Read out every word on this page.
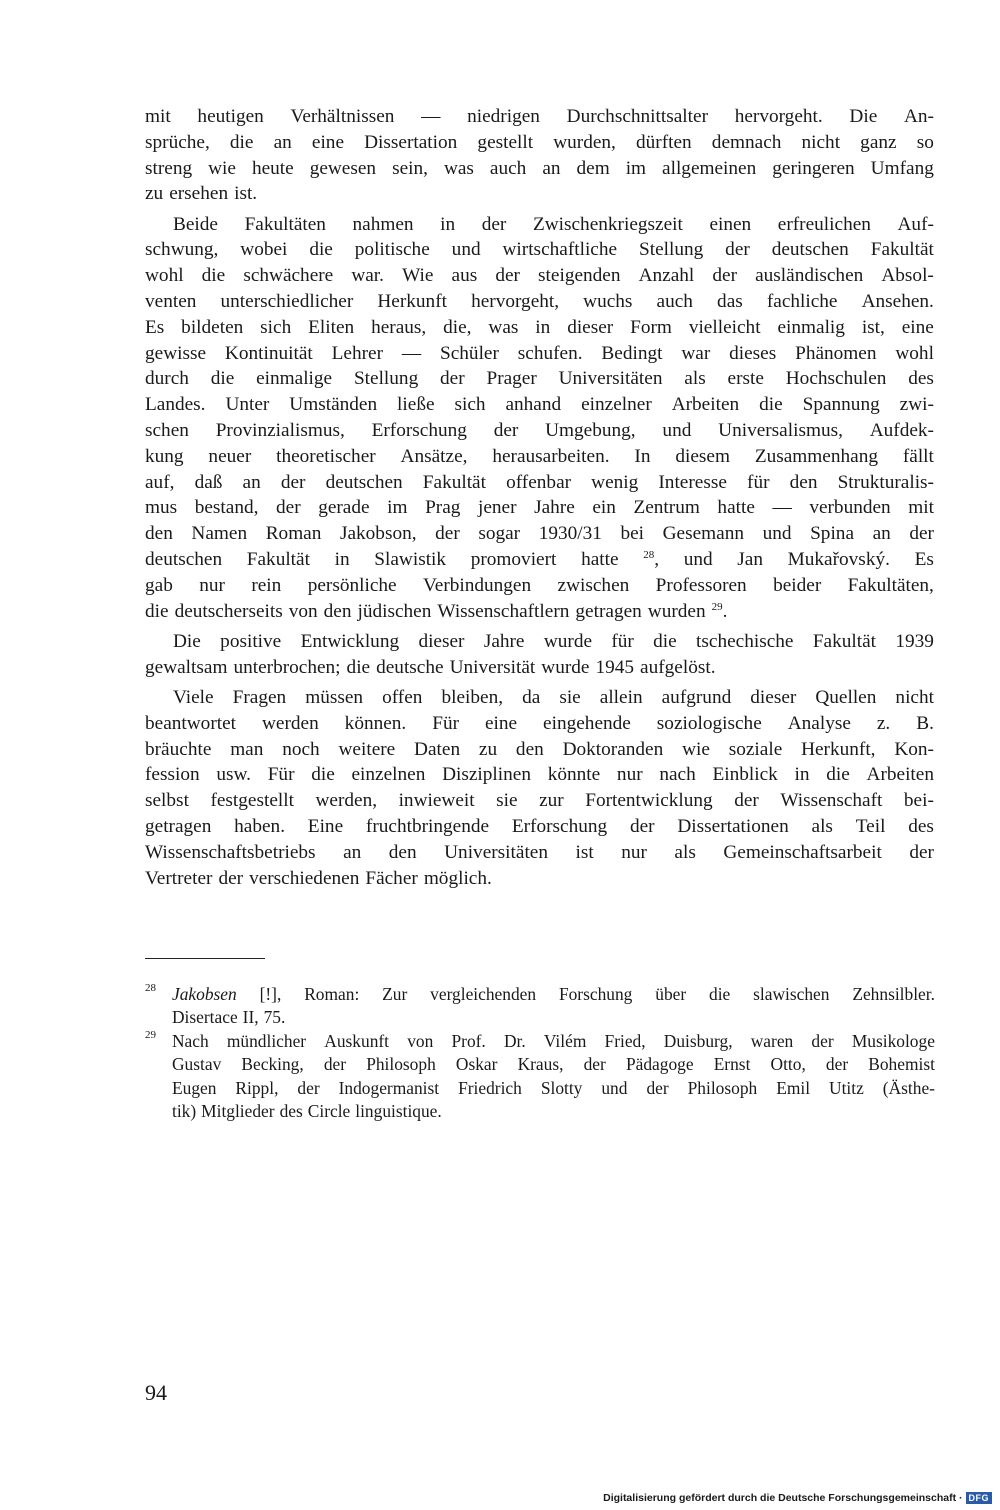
mit heutigen Verhältnissen — niedrigen Durchschnittsalter hervorgeht. Die An-
sprüche, die an eine Dissertation gestellt wurden, dürften demnach nicht ganz so
streng wie heute gewesen sein, was auch an dem im allgemeinen geringeren Umfang
zu ersehen ist.
Beide Fakultäten nahmen in der Zwischenkriegszeit einen erfreulichen Auf-
schwung, wobei die politische und wirtschaftliche Stellung der deutschen Fakultät
wohl die schwächere war. Wie aus der steigenden Anzahl der ausländischen Absol-
venten unterschiedlicher Herkunft hervorgeht, wuchs auch das fachliche Ansehen.
Es bildeten sich Eliten heraus, die, was in dieser Form vielleicht einmalig ist, eine
gewisse Kontinuität Lehrer — Schüler schufen. Bedingt war dieses Phänomen wohl
durch die einmalige Stellung der Prager Universitäten als erste Hochschulen des
Landes. Unter Umständen ließe sich anhand einzelner Arbeiten die Spannung zwi-
schen Provinzialismus, Erforschung der Umgebung, und Universalismus, Aufdek-
kung neuer theoretischer Ansätze, herausarbeiten. In diesem Zusammenhang fällt
auf, daß an der deutschen Fakultät offenbar wenig Interesse für den Strukturalis-
mus bestand, der gerade im Prag jener Jahre ein Zentrum hatte — verbunden mit
den Namen Roman Jakobson, der sogar 1930/31 bei Gesemann und Spina an der
deutschen Fakultät in Slawistik promoviert hatte $^{28}$, und Jan Mukařovský. Es
gab nur rein persönliche Verbindungen zwischen Professoren beider Fakultäten,
die deutscherseits von den jüdischen Wissenschaftlern getragen wurden $^{29}$.
Die positive Entwicklung dieser Jahre wurde für die tschechische Fakultät 1939
gewaltsam unterbrochen; die deutsche Universität wurde 1945 aufgelöst.
Viele Fragen müssen offen bleiben, da sie allein aufgrund dieser Quellen nicht
beantwortet werden können. Für eine eingehende soziologische Analyse z. B.
bräuchte man noch weitere Daten zu den Doktoranden wie soziale Herkunft, Kon-
fession usw. Für die einzelnen Disziplinen könnte nur nach Einblick in die Arbeiten
selbst festgestellt werden, inwieweit sie zur Fortentwicklung der Wissenschaft bei-
getragen haben. Eine fruchtbringende Erforschung der Dissertationen als Teil des
Wissenschaftsbetriebs an den Universitäten ist nur als Gemeinschaftsarbeit der
Vertreter der verschiedenen Fächer möglich.
28 Jakobsen [!], Roman: Zur vergleichenden Forschung über die slawischen Zehnsilbler.
Disertace II, 75.
29 Nach mündlicher Auskunft von Prof. Dr. Vilém Fried, Duisburg, waren der Musikologe
Gustav Becking, der Philosoph Oskar Kraus, der Pädagoge Ernst Otto, der Bohemist
Eugen Rippl, der Indogermanist Friedrich Slotty und der Philosoph Emil Utitz (Ästhe-
tik) Mitglieder des Circle linguistique.
94
Digitalisierung gefördert durch die Deutsche Forschungsgemeinschaft · DFG
